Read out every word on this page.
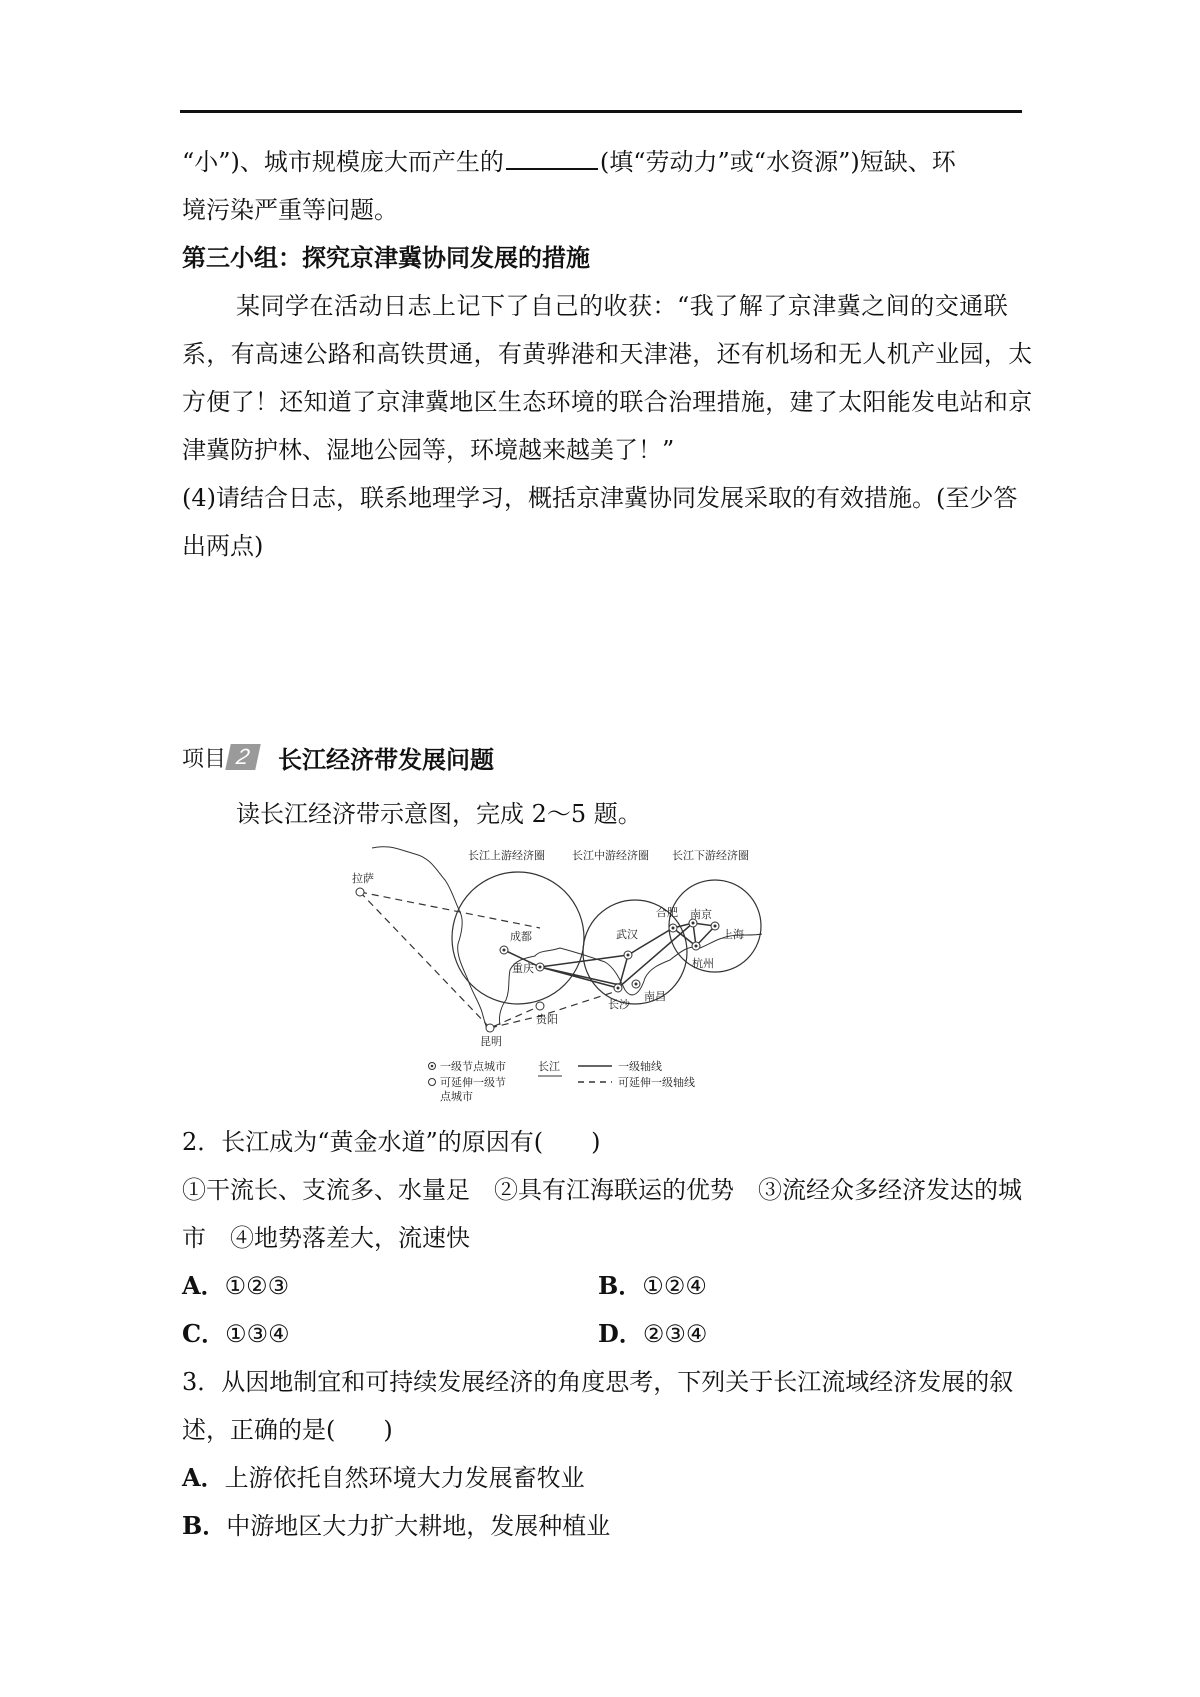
“小”)、城市规模庞大而产生的	(填“劳动力”或“水资源”)短缺、环
境污染严重等问题。
第三小组：探究京津冀协同发展的措施
某同学在活动日志上记下了自己的收获：“我了解了京津冀之间的交通联
系，有高速公路和高铁贯通，有黄骅港和天津港，还有机场和无人机产业园，太
方便了！还知道了京津冀地区生态环境的联合治理措施，建了太阳能发电站和京
津冀防护林、湿地公园等，环境越来越美了！”
(4)请结合日志，联系地理学习，概括京津冀协同发展采取的有效措施。(至少答
出两点)
项目 2	长江经济带发展问题
读长江经济带示意图，完成 2～5 题。
长江上游经济圈 长江中游经济圈 长江下游经济圈
拉萨
成都
重庆
昆明
贵阳
武汉
长沙
南昌
合肥 南京
上海
杭州
一级节点城市
可延伸一级节
点城市
长江	一级轴线
可延伸一级轴线
2．长江成为“黄金水道”的原因有(　　)
①干流长、支流多、水量足　②具有江海联运的优势　③流经众多经济发达的城
市　④地势落差大，流速快
A．①②③	B．①②④
C．①③④	D．②③④
3．从因地制宜和可持续发展经济的角度思考，下列关于长江流域经济发展的叙
述，正确的是(　　)
A．上游依托自然环境大力发展畜牧业
B．中游地区大力扩大耕地，发展种植业
